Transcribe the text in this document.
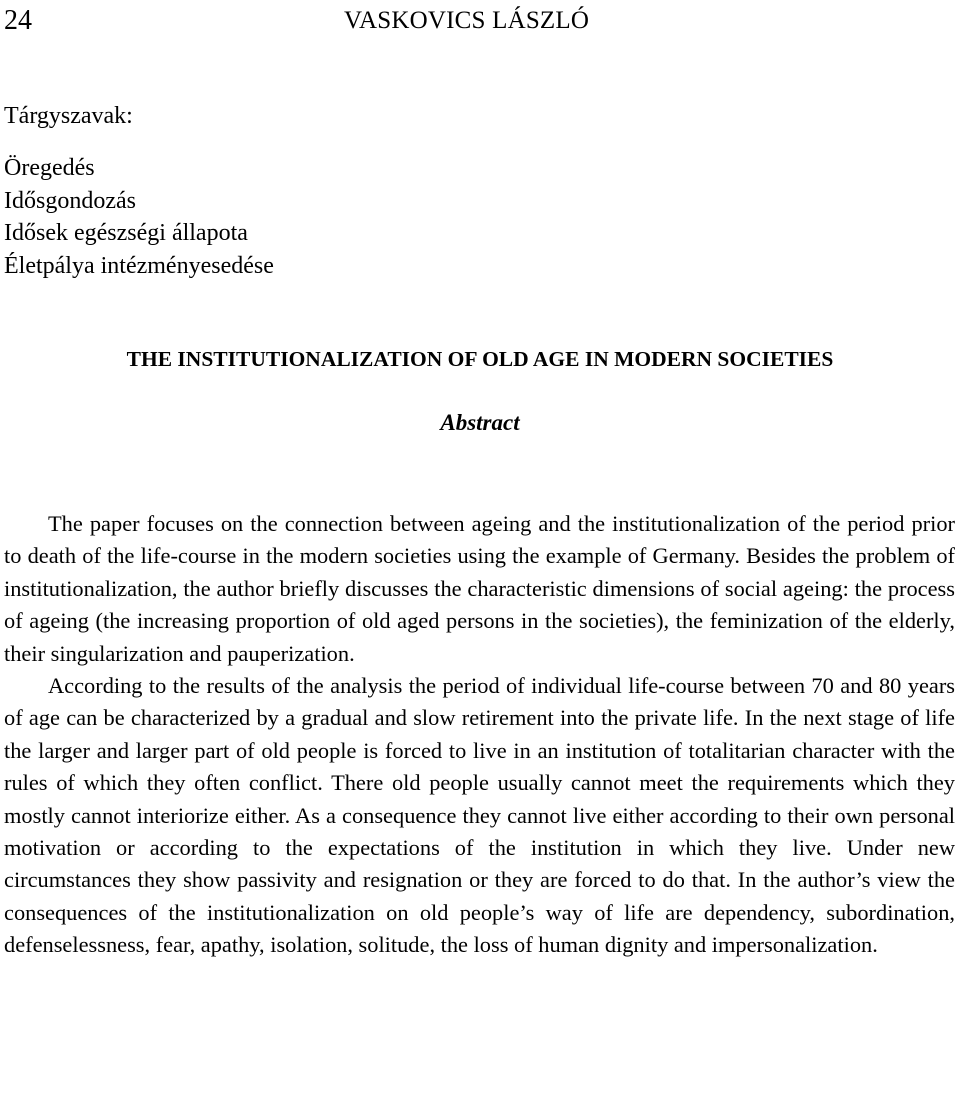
24	VASKOVICS LÁSZLÓ
Tárgyszavak:
Öregedés
Idősgondozás
Idősek egészségi állapota
Életpálya intézményesedése
THE INSTITUTIONALIZATION OF OLD AGE IN MODERN SOCIETIES
Abstract

The paper focuses on the connection between ageing and the institutionalization of the period prior to death of the life-course in the modern societies using the example of Germany. Besides the problem of institutionalization, the author briefly discusses the characteristic dimensions of social ageing: the process of ageing (the increasing proportion of old aged persons in the societies), the feminization of the elderly, their singularization and pauperization.

According to the results of the analysis the period of individual life-course between 70 and 80 years of age can be characterized by a gradual and slow retirement into the private life. In the next stage of life the larger and larger part of old people is forced to live in an institution of totalitarian character with the rules of which they often conflict. There old people usually cannot meet the requirements which they mostly cannot interiorize either. As a consequence they cannot live either according to their own personal motivation or according to the expectations of the institution in which they live. Under new circumstances they show passivity and resignation or they are forced to do that. In the author’s view the consequences of the institutionalization on old people’s way of life are dependency, subordination, defenselessness, fear, apathy, isolation, solitude, the loss of human dignity and impersonalization.
